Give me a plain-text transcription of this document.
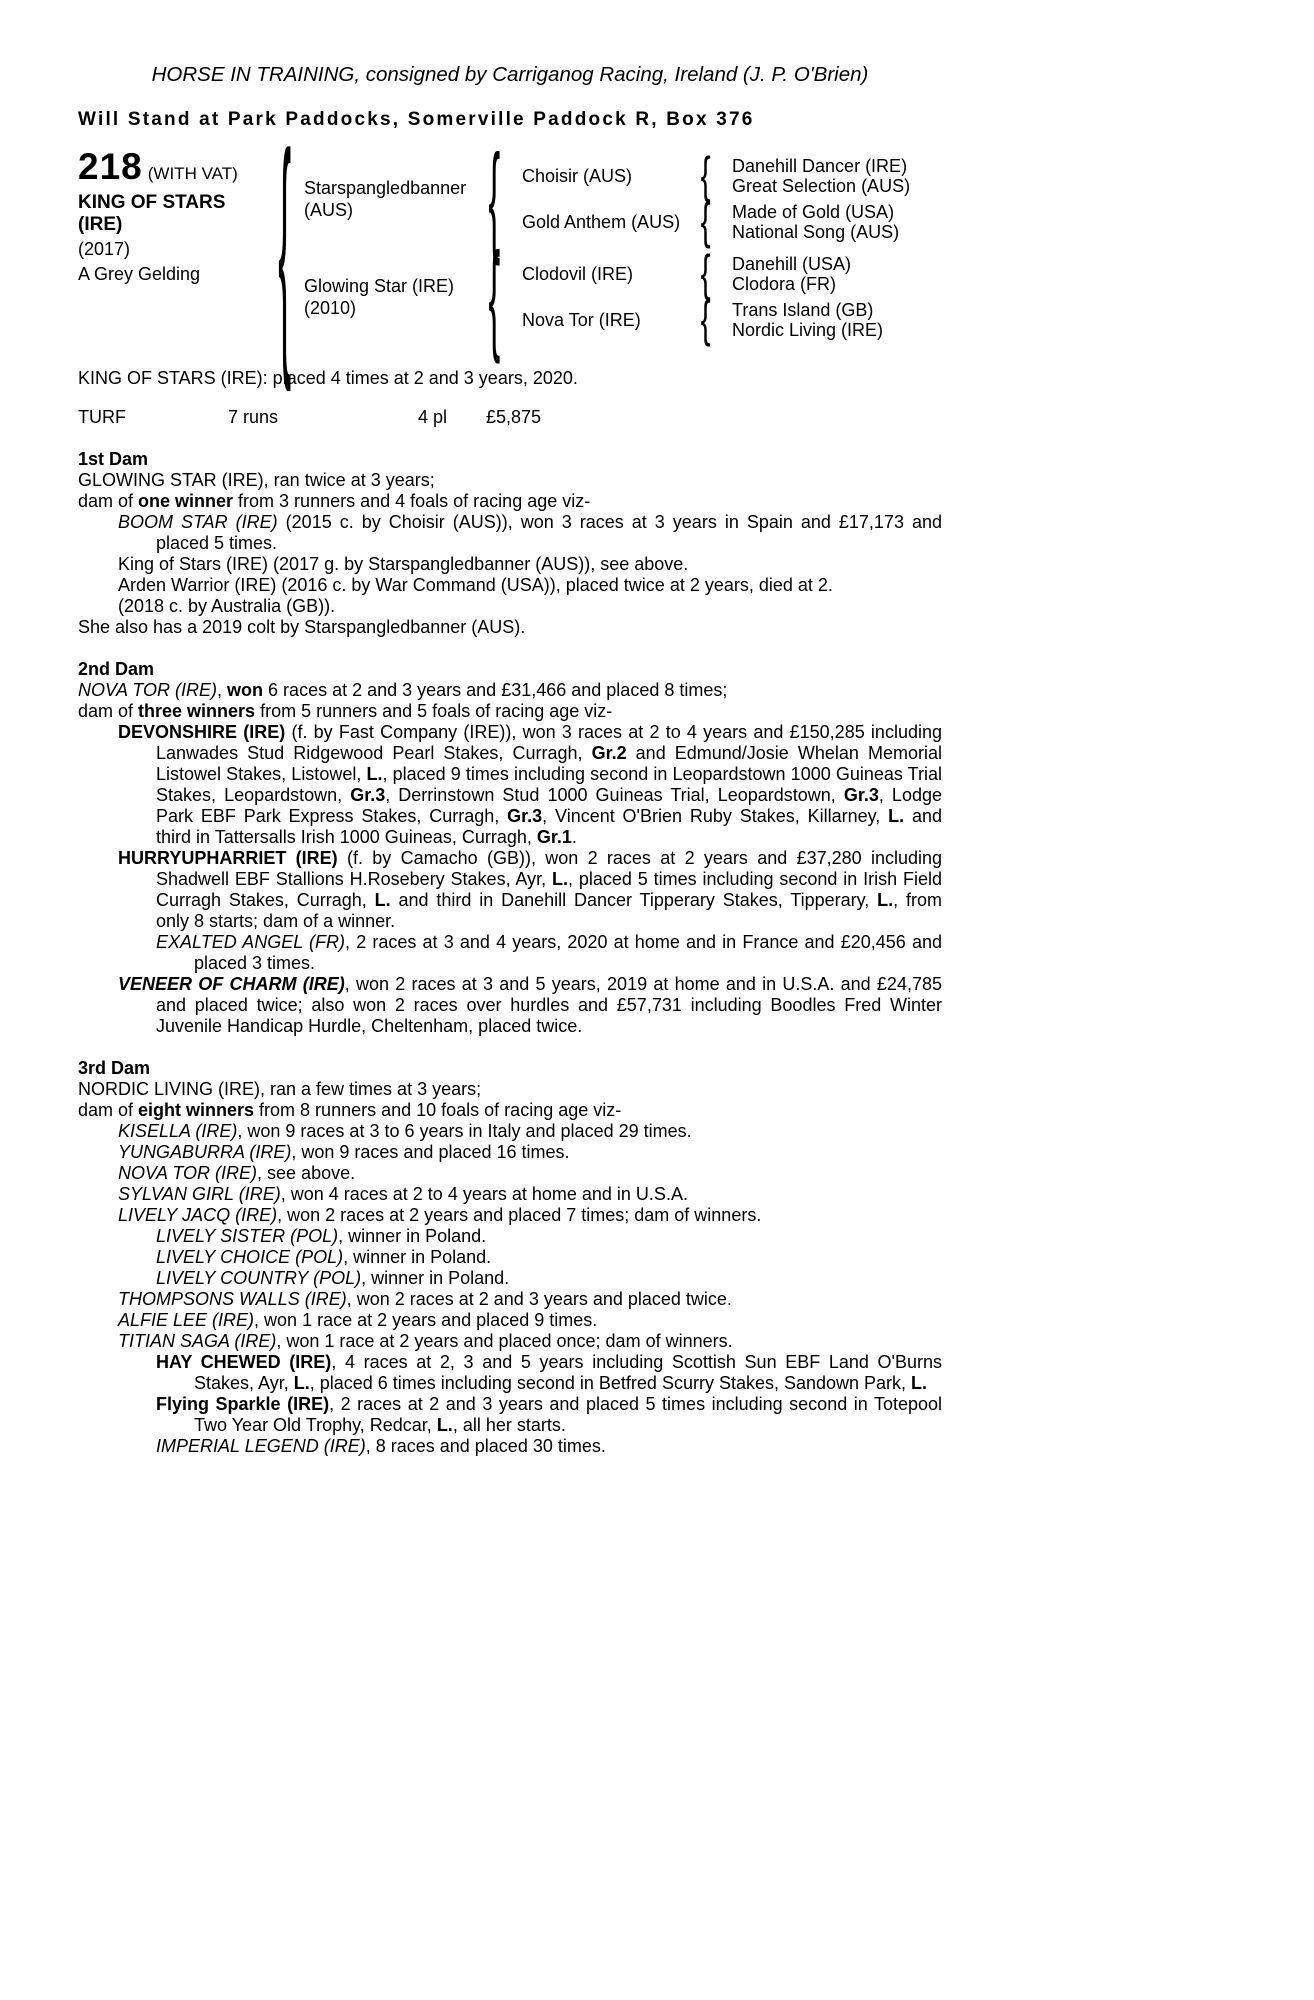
HORSE IN TRAINING, consigned by Carriganog Racing, Ireland (J. P. O'Brien)
Will Stand at Park Paddocks, Somerville Paddock R, Box 376
218 (WITH VAT)
KING OF STARS
(IRE)
(2017)
A Grey Gelding	{ Starspangledbanner
(AUS)	{	Choisir (AUS)	{ Danehill Dancer (IRE)
Great Selection (AUS)
Gold Anthem (AUS) { Made of Gold (USA)
National Song (AUS)
Glowing Star (IRE)
(2010)	{	Clodovil (IRE)	{ Danehill (USA)
Clodora (FR)
Nova Tor (IRE)	{ Trans Island (GB)
Nordic Living (IRE)
KING OF STARS (IRE): placed 4 times at 2 and 3 years, 2020.
TURF	7 runs	4 pl	£5,875
1st Dam
GLOWING STAR (IRE), ran twice at 3 years;
dam of one winner from 3 runners and 4 foals of racing age viz-
BOOM STAR (IRE) (2015 c. by Choisir (AUS)), won 3 races at 3 years in Spain and £17,173 and placed 5 times.
King of Stars (IRE) (2017 g. by Starspangledbanner (AUS)), see above.
Arden Warrior (IRE) (2016 c. by War Command (USA)), placed twice at 2 years, died at 2.
(2018 c. by Australia (GB)).
She also has a 2019 colt by Starspangledbanner (AUS).
2nd Dam
NOVA TOR (IRE), won 6 races at 2 and 3 years and £31,466 and placed 8 times;
dam of three winners from 5 runners and 5 foals of racing age viz-
DEVONSHIRE (IRE) (f. by Fast Company (IRE)), won 3 races at 2 to 4 years and £150,285 including Lanwades Stud Ridgewood Pearl Stakes, Curragh, Gr.2 and Edmund/Josie Whelan Memorial Listowel Stakes, Listowel, L., placed 9 times including second in Leopardstown 1000 Guineas Trial Stakes, Leopardstown, Gr.3, Derrinstown Stud 1000 Guineas Trial, Leopardstown, Gr.3, Lodge Park EBF Park Express Stakes, Curragh, Gr.3, Vincent O'Brien Ruby Stakes, Killarney, L. and third in Tattersalls Irish 1000 Guineas, Curragh, Gr.1.
HURRYUPHARRIET (IRE) (f. by Camacho (GB)), won 2 races at 2 years and £37,280 including Shadwell EBF Stallions H.Rosebery Stakes, Ayr, L., placed 5 times including second in Irish Field Curragh Stakes, Curragh, L. and third in Danehill Dancer Tipperary Stakes, Tipperary, L., from only 8 starts; dam of a winner.
EXALTED ANGEL (FR), 2 races at 3 and 4 years, 2020 at home and in France and £20,456 and placed 3 times.
VENEER OF CHARM (IRE), won 2 races at 3 and 5 years, 2019 at home and in U.S.A. and £24,785 and placed twice; also won 2 races over hurdles and £57,731 including Boodles Fred Winter Juvenile Handicap Hurdle, Cheltenham, placed twice.
3rd Dam
NORDIC LIVING (IRE), ran a few times at 3 years;
dam of eight winners from 8 runners and 10 foals of racing age viz-
KISELLA (IRE), won 9 races at 3 to 6 years in Italy and placed 29 times.
YUNGABURRA (IRE), won 9 races and placed 16 times.
NOVA TOR (IRE), see above.
SYLVAN GIRL (IRE), won 4 races at 2 to 4 years at home and in U.S.A.
LIVELY JACQ (IRE), won 2 races at 2 years and placed 7 times; dam of winners.
LIVELY SISTER (POL), winner in Poland.
LIVELY CHOICE (POL), winner in Poland.
LIVELY COUNTRY (POL), winner in Poland.
THOMPSONS WALLS (IRE), won 2 races at 2 and 3 years and placed twice.
ALFIE LEE (IRE), won 1 race at 2 years and placed 9 times.
TITIAN SAGA (IRE), won 1 race at 2 years and placed once; dam of winners.
HAY CHEWED (IRE), 4 races at 2, 3 and 5 years including Scottish Sun EBF Land O'Burns Stakes, Ayr, L., placed 6 times including second in Betfred Scurry Stakes, Sandown Park, L.
Flying Sparkle (IRE), 2 races at 2 and 3 years and placed 5 times including second in Totepool Two Year Old Trophy, Redcar, L., all her starts.
IMPERIAL LEGEND (IRE), 8 races and placed 30 times.
